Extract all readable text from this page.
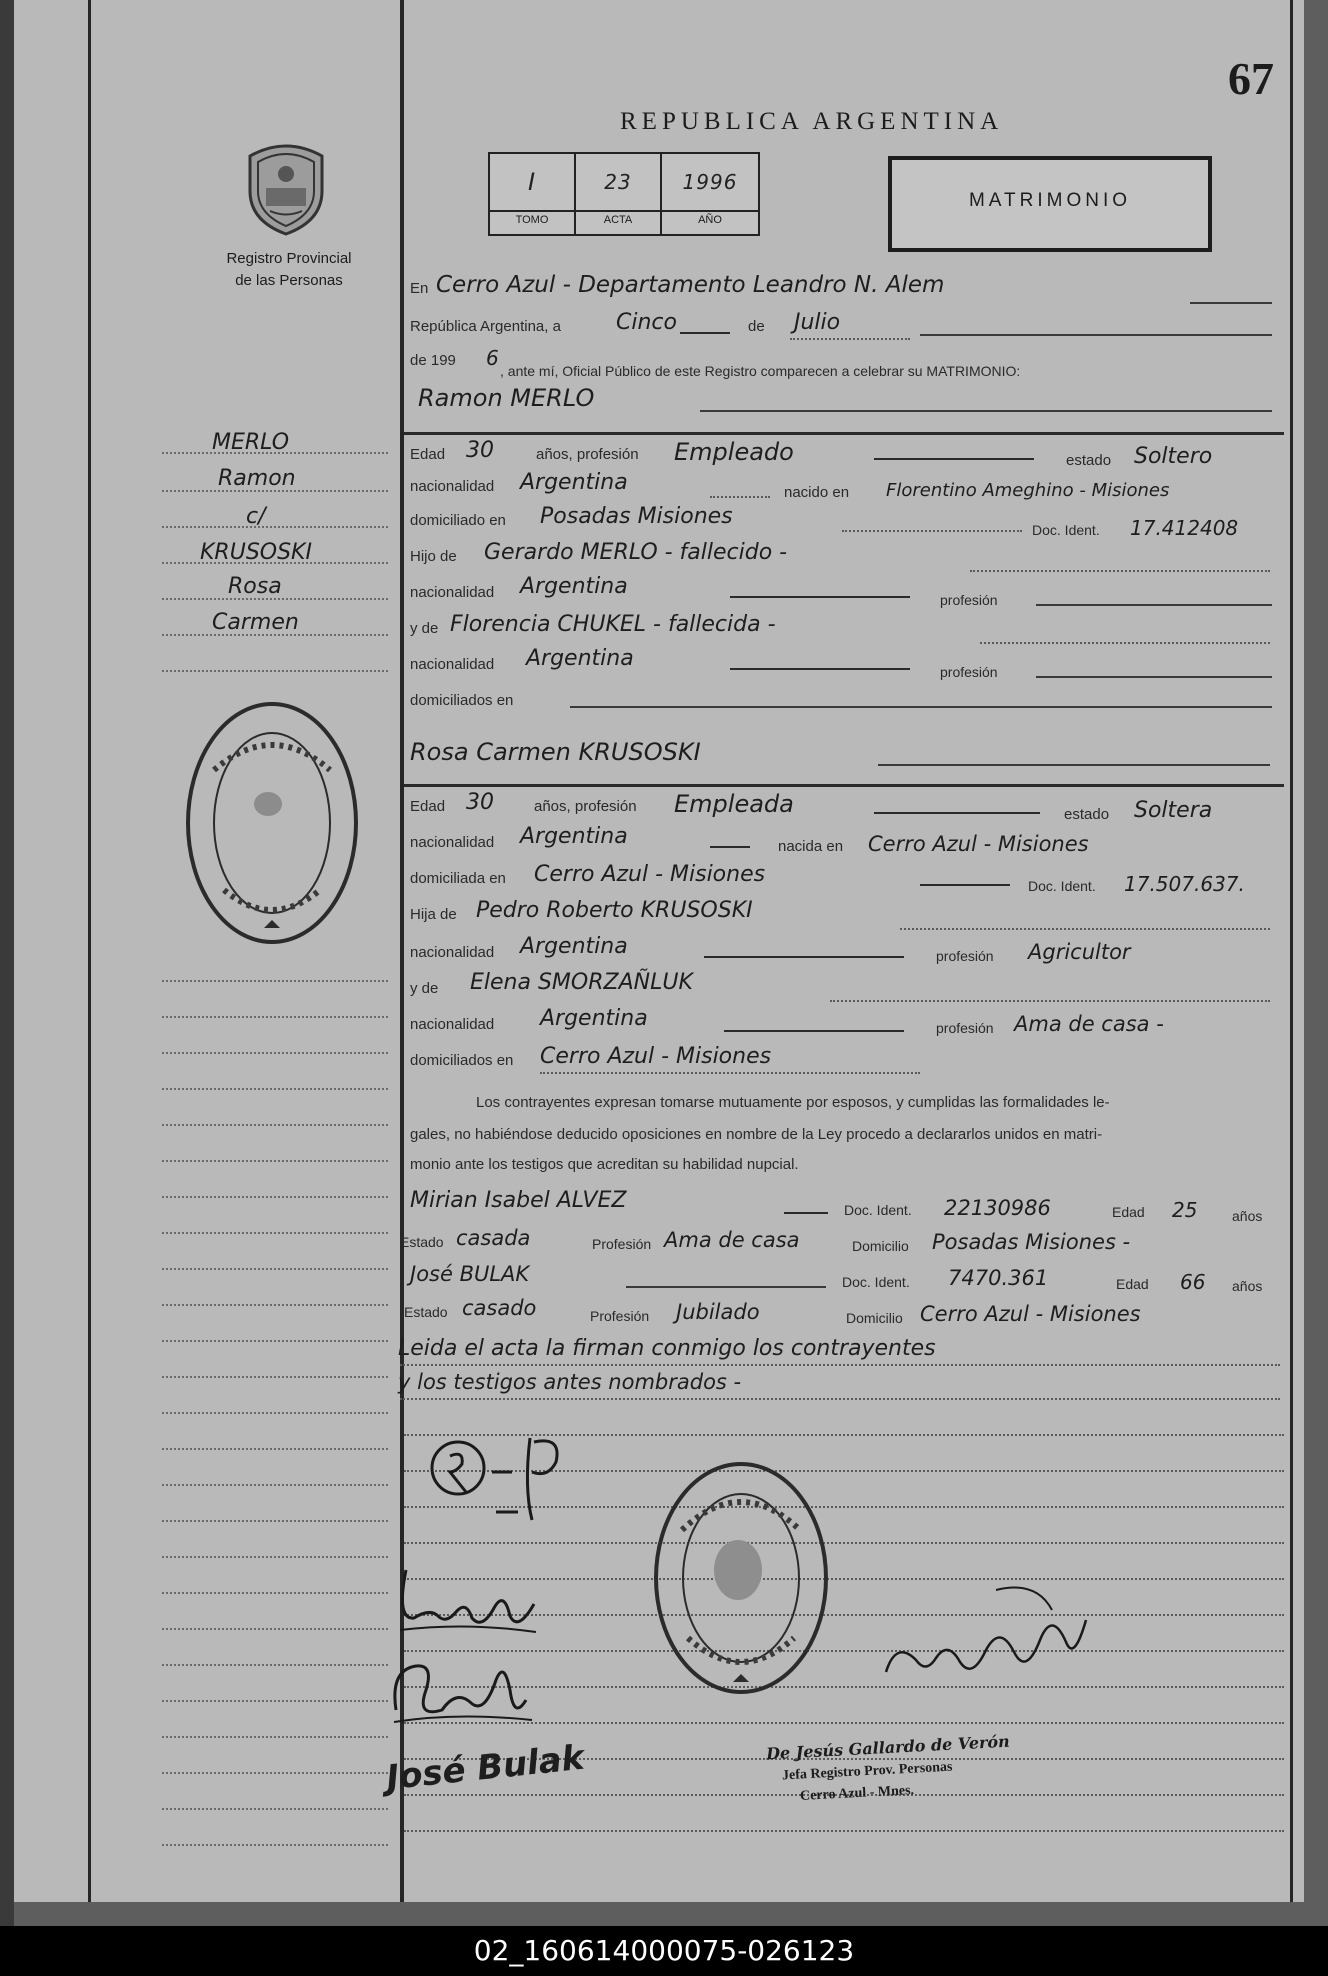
67
REPUBLICA ARGENTINA
Registro Provincial
de las Personas
I	23	1996
TOMO	ACTA	AÑO
MATRIMONIO
En Cerro Azul - Departamento Leandro N. Alem
República Argentina, a	Cinco	de Julio
de 199 6
, ante mí, Oficial Público de este Registro comparecen a celebrar su MATRIMONIO:
Ramon MERLO
Edad 30	años, profesión Empleado	estado Soltero
nacionalidad Argentina	nacido en Florentino Ameghino - Misiones
domiciliado en Posadas Misiones
Doc. Ident. 17.412408
Hijo de Gerardo MERLO - fallecido -
nacionalidad Argentina
profesión
y de Florencia CHUKEL - fallecida -
nacionalidad Argentina
profesión
domiciliados en
Rosa Carmen KRUSOSKI
Edad 30	años, profesión Empleada	estado Soltera
nacionalidad Argentina	nacida en Cerro Azul - Misiones
domiciliada en Cerro Azul - Misiones	Doc. Ident. 17.507.637.
Hija de Pedro Roberto KRUSOSKI
nacionalidad Argentina	profesión Agricultor
y de Elena SMORZAÑLUK
nacionalidad Argentina	profesión Ama de casa -
domiciliados en Cerro Azul - Misiones
Los contrayentes expresan tomarse mutuamente por esposos, y cumplidas las formalidades le-
gales, no habiéndose deducido oposiciones en nombre de la Ley procedo a declararlos unidos en matri-
monio ante los testigos que acreditan su habilidad nupcial.
Mirian Isabel ALVEZ	Doc. Ident. 22130986	Edad 25 años
Estado casada	Profesión Ama de casa	Domicilio Posadas Misiones -
José BULAK	Doc. Ident. 7470.361	Edad 66 años
Estado casado	Profesión Jubilado	Domicilio Cerro Azul - Misiones
Leida el acta la firman conmigo los contrayentes
y los testigos antes nombrados -
MERLO
Ramon
c/
KRUSOSKI
Rosa
Carmen
José Bulak	De Jesús Gallardo de Verón
Jefa Registro Prov. Personas
Cerro Azul - Mnes.
02_160614000075-026123
